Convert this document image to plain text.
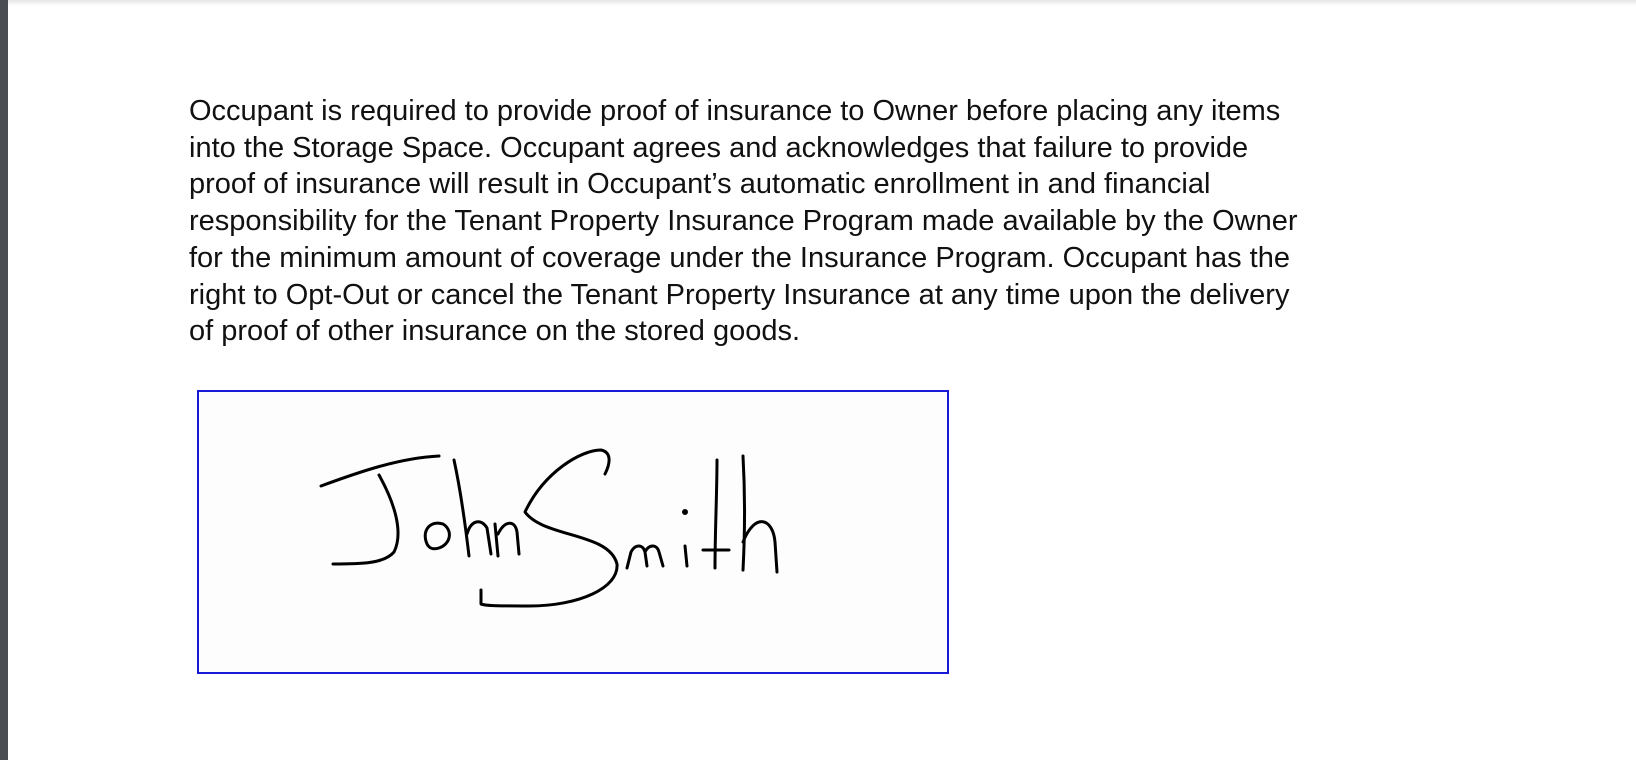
Occupant is required to provide proof of insurance to Owner before placing any items
into the Storage Space. Occupant agrees and acknowledges that failure to provide
proof of insurance will result in Occupant’s automatic enrollment in and financial
responsibility for the Tenant Property Insurance Program made available by the Owner
for the minimum amount of coverage under the Insurance Program. Occupant has the
right to Opt-Out or cancel the Tenant Property Insurance at any time upon the delivery
of proof of other insurance on the stored goods.
